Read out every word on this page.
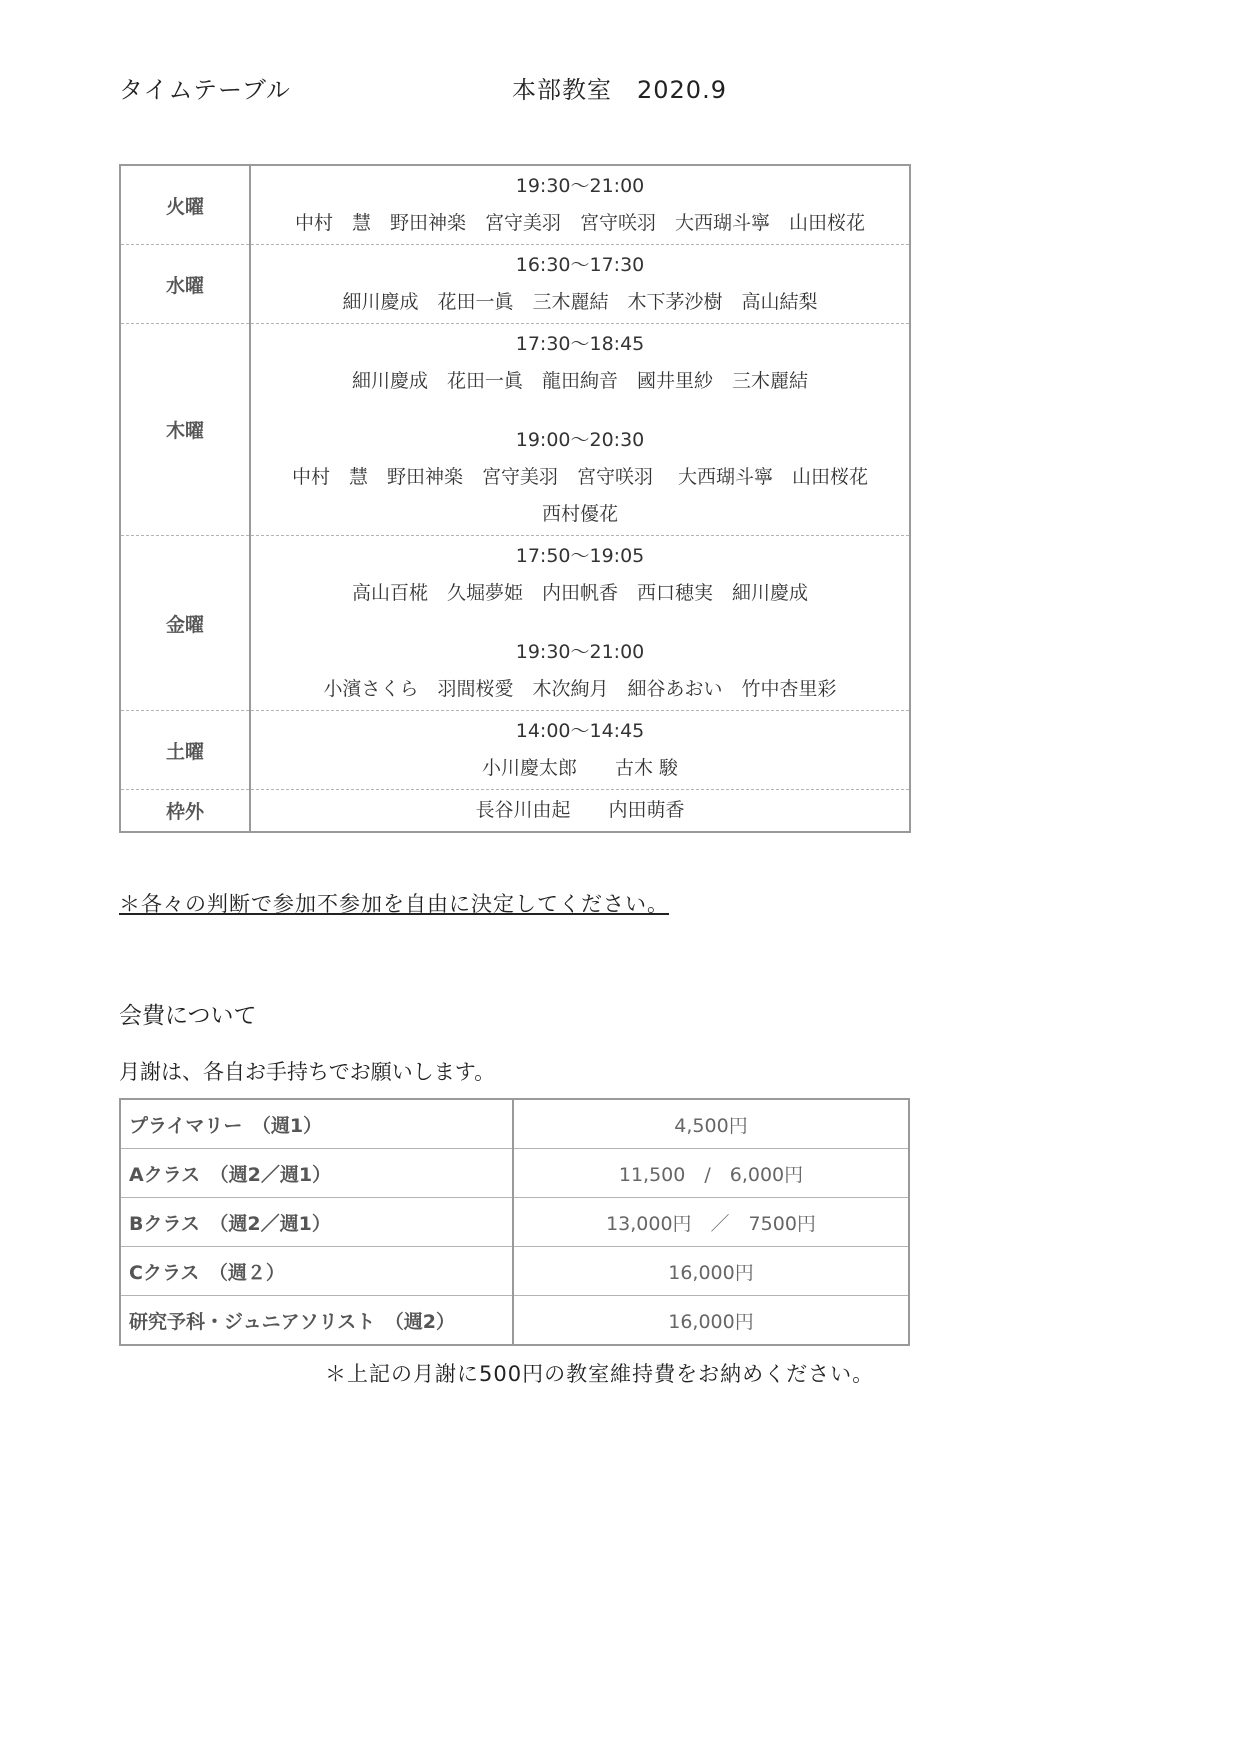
タイムテーブル	本部教室　2020.9
火曜	19:30〜21:00
中村　慧　野田神楽　宮守美羽　宮守咲羽　大西瑚斗寧　山田桜花

水曜	16:30〜17:30
細川慶成　花田一眞　三木麗結　木下茅沙樹　高山結梨

木曜	17:30〜18:45
細川慶成　花田一眞　龍田絢音　國井里紗　三木麗結
19:00〜20:30
中村　慧　野田神楽　宮守美羽　宮守咲羽　 大西瑚斗寧　山田桜花
西村優花

金曜	17:50〜19:05
高山百椛　久堀夢姫　内田帆香　西口穂実　細川慶成
19:30〜21:00
小濱さくら　羽間桜愛　木次絢月　細谷あおい　竹中杏里彩

土曜	14:00〜14:45
小川慶太郎　　古木 駿

枠外	長谷川由起　　内田萌香
＊各々の判断で参加不参加を自由に決定してください。
会費について
月謝は、各自お手持ちでお願いします。
プライマリー　（週1）	4,500円
Aクラス　（週2／週1）	11,500　/　6,000円
Bクラス　（週2／週1）	13,000円　／　7500円
Cクラス　（週２）	16,000円
研究予科・ジュニアソリスト　（週2）	16,000円
＊上記の月謝に500円の教室維持費をお納めください。
